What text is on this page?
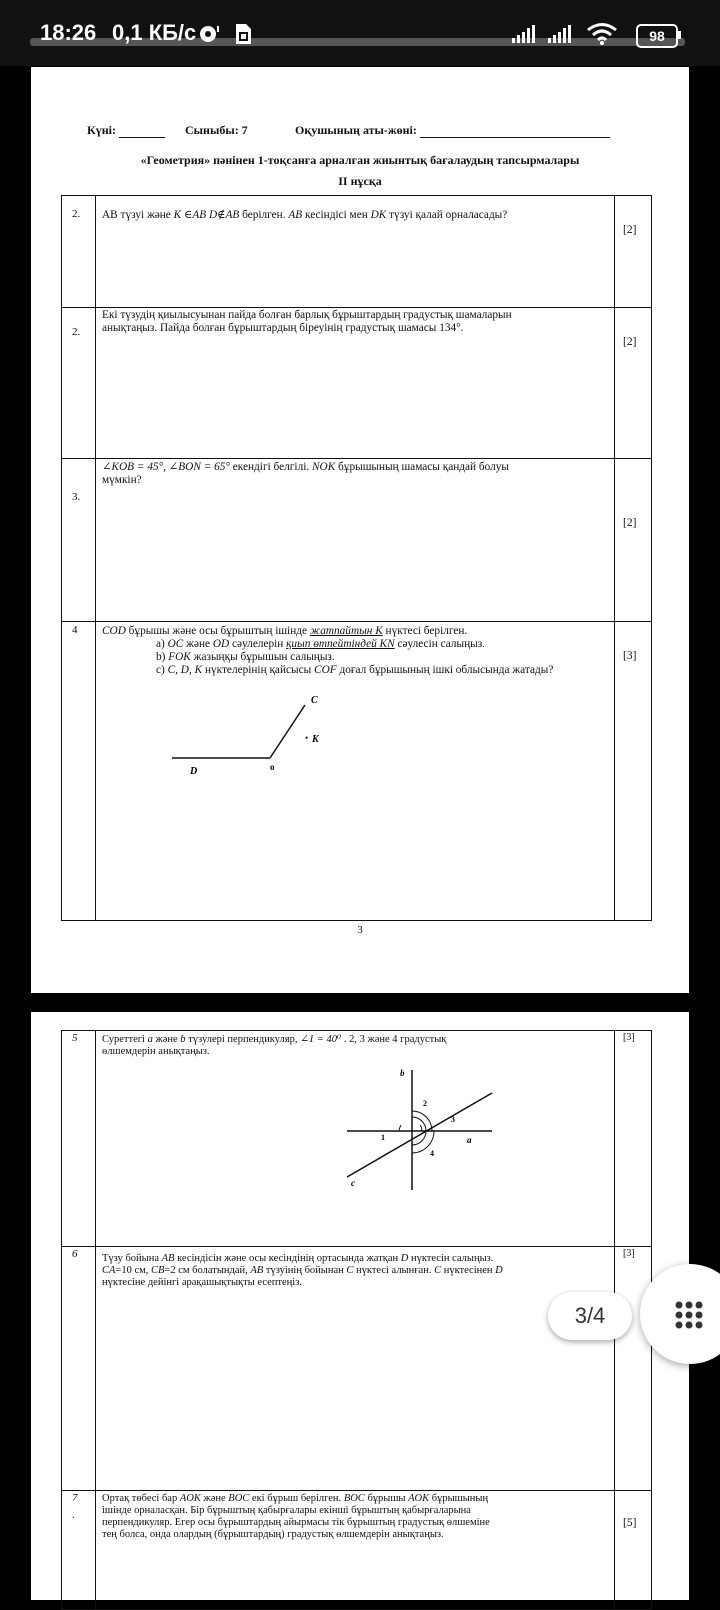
18:26 0,1 КБ/с	98
Күні:	Сыныбы: 7	Оқушының аты-жөні:
«Геометрия» пәнінен 1-тоқсанға арналған жиынтық бағалаудың тапсырмалары
II нұсқа
2. АВ түзуі және К ∈АВ D∉АВ берілген. АВ кесіндісі мен DK түзуі қалай орналасады?
[2]
2.
Екі түзудің қиылысуынан пайда болған барлық бұрыштардың градустық шамаларын
анықтаңыз. Пайда болған бұрыштардың біреуінің градустық шамасы 134°.
[2]
3.
∠KOB = 45°, ∠BON = 65° екендігі белгілі. NOK бұрышының шамасы қандай болуы
мүмкін?
[2]
4 COD бұрышы және осы бұрыштың ішінде жатпайтын K нүктесі берілген.
a) OC және OD сәулелерін қиып өтпейтіндей KN сәулесін салыңыз.
b) FOK жазыңқы бұрышын салыңыз.
c) C, D, K нүктелерінің қайсысы COF доғал бұрышының ішкі облысында жатады?
[3]
C
• K
D	o
3
5 Суреттегі a және b түзулері перпендикуляр, ∠1 = 40⁰ . 2, 3 және 4 градустық
өлшемдерін анықтаңыз.
[3]
b
2
3
a
1
4
c
6 Түзу бойына AB кесіндісін және осы кесіндінің ортасында жатқан D нүктесін салыңыз.
CA=10 см, CB=2 см болатындай, AB түзуінің бойынан C нүктесі алынған. C нүктесінен D
нүктесіне дейінгі арақашықтықты есептеңіз.
[3]
7
.
Ортақ төбесі бар AOK және BOC екі бұрыш берілген. BOC бұрышы AOK бұрышының
ішінде орналасқан. Бір бұрыштың қабырғалары екінші бұрыштың қабырғаларына
перпендикуляр. Егер осы бұрыштардың айырмасы тік бұрыштың градустық өлшеміне
тең болса, онда олардың (бұрыштардың) градустық өлшемдерін анықтаңыз.
[5]
3/4
